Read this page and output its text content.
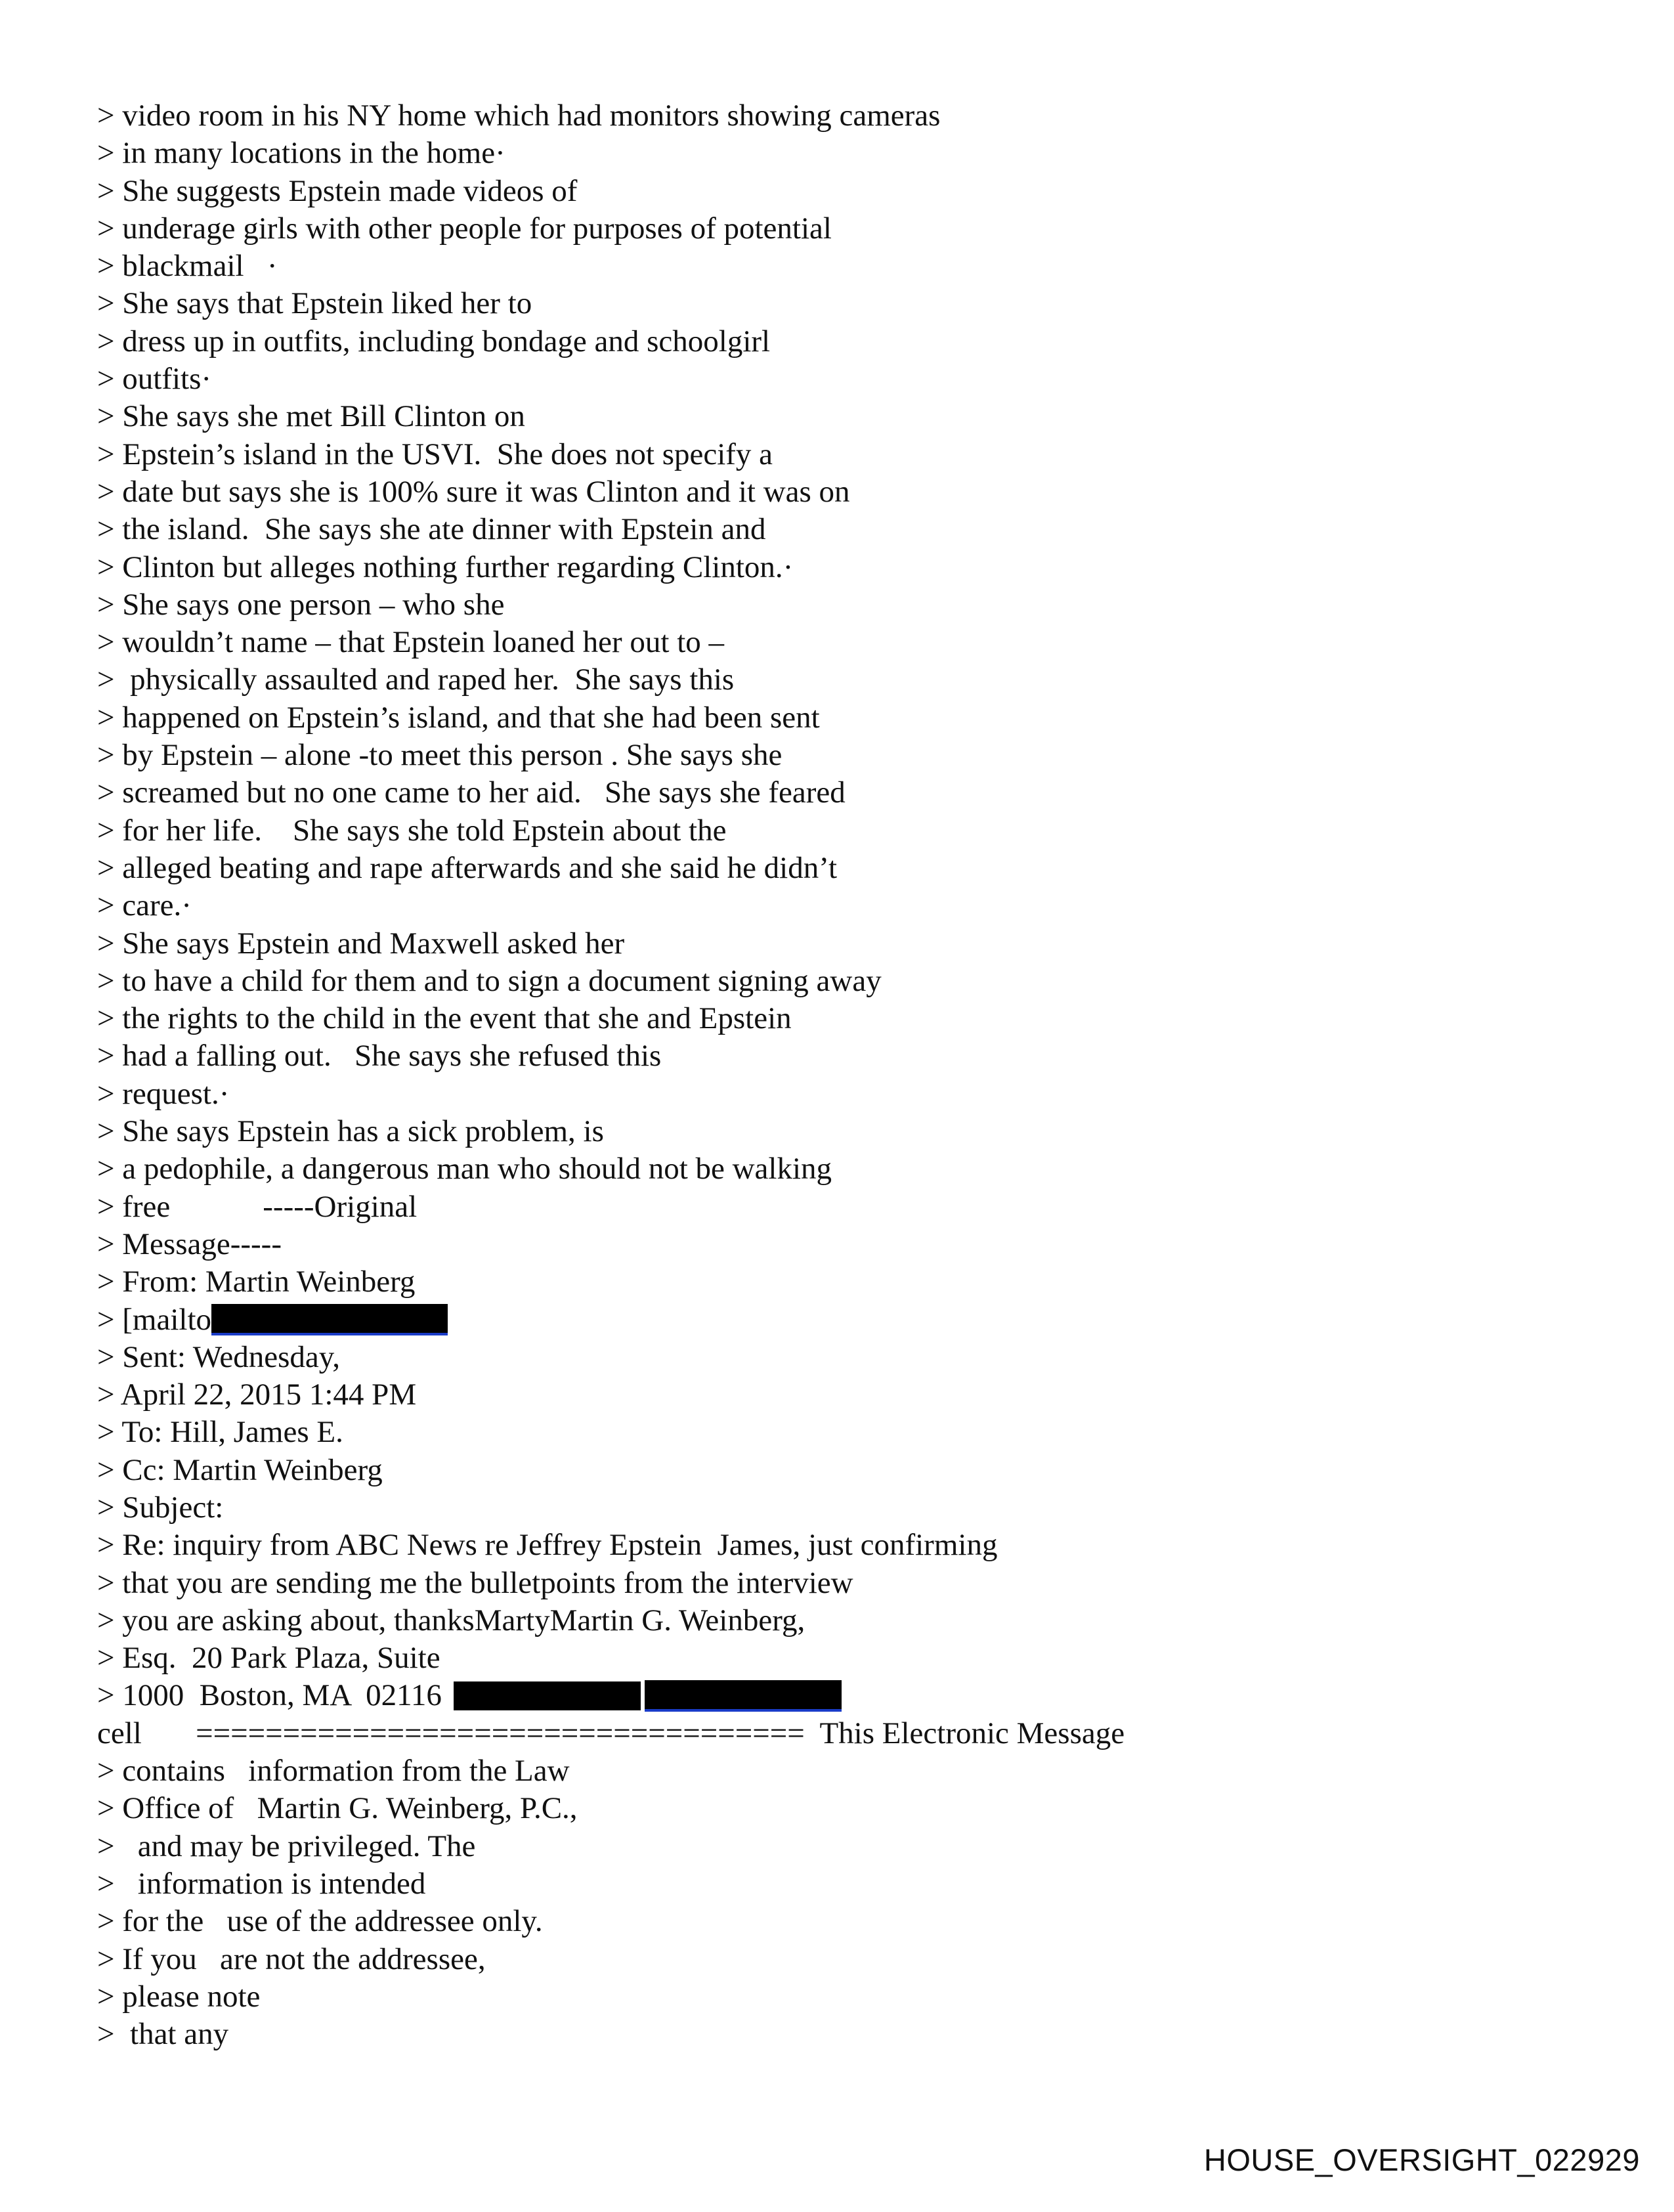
> video room in his NY home which had monitors showing cameras
> in many locations in the home·
> She suggests Epstein made videos of
> underage girls with other people for purposes of potential
> blackmail   ·
> She says that Epstein liked her to
> dress up in outfits, including bondage and schoolgirl
> outfits·
> She says she met Bill Clinton on
> Epstein’s island in the USVI.  She does not specify a
> date but says she is 100% sure it was Clinton and it was on
> the island.  She says she ate dinner with Epstein and
> Clinton but alleges nothing further regarding Clinton.·
> She says one person – who she
> wouldn’t name – that Epstein loaned her out to –
>  physically assaulted and raped her.  She says this
> happened on Epstein’s island, and that she had been sent
> by Epstein – alone -to meet this person . She says she
> screamed but no one came to her aid.   She says she feared
> for her life.    She says she told Epstein about the
> alleged beating and rape afterwards and she said he didn’t
> care.·
> She says Epstein and Maxwell asked her
> to have a child for them and to sign a document signing away
> the rights to the child in the event that she and Epstein
> had a falling out.   She says she refused this
> request.·
> She says Epstein has a sick problem, is
> a pedophile, a dangerous man who should not be walking
> free            -----Original
> Message-----
> From: Martin Weinberg
> [mailto
> Sent: Wednesday,
> April 22, 2015 1:44 PM
> To: Hill, James E.
> Cc: Martin Weinberg
> Subject:
> Re: inquiry from ABC News re Jeffrey Epstein  James, just confirming
> that you are sending me the bulletpoints from the interview
> you are asking about, thanksMartyMartin G. Weinberg,
> Esq.  20 Park Plaza, Suite
> 1000  Boston, MA  02116
cell       ===================================  This Electronic Message
> contains   information from the Law
> Office of   Martin G. Weinberg, P.C.,
>   and may be privileged. The
>   information is intended
> for the   use of the addressee only.
> If you   are not the addressee,
> please note
>  that any
HOUSE_OVERSIGHT_022929
